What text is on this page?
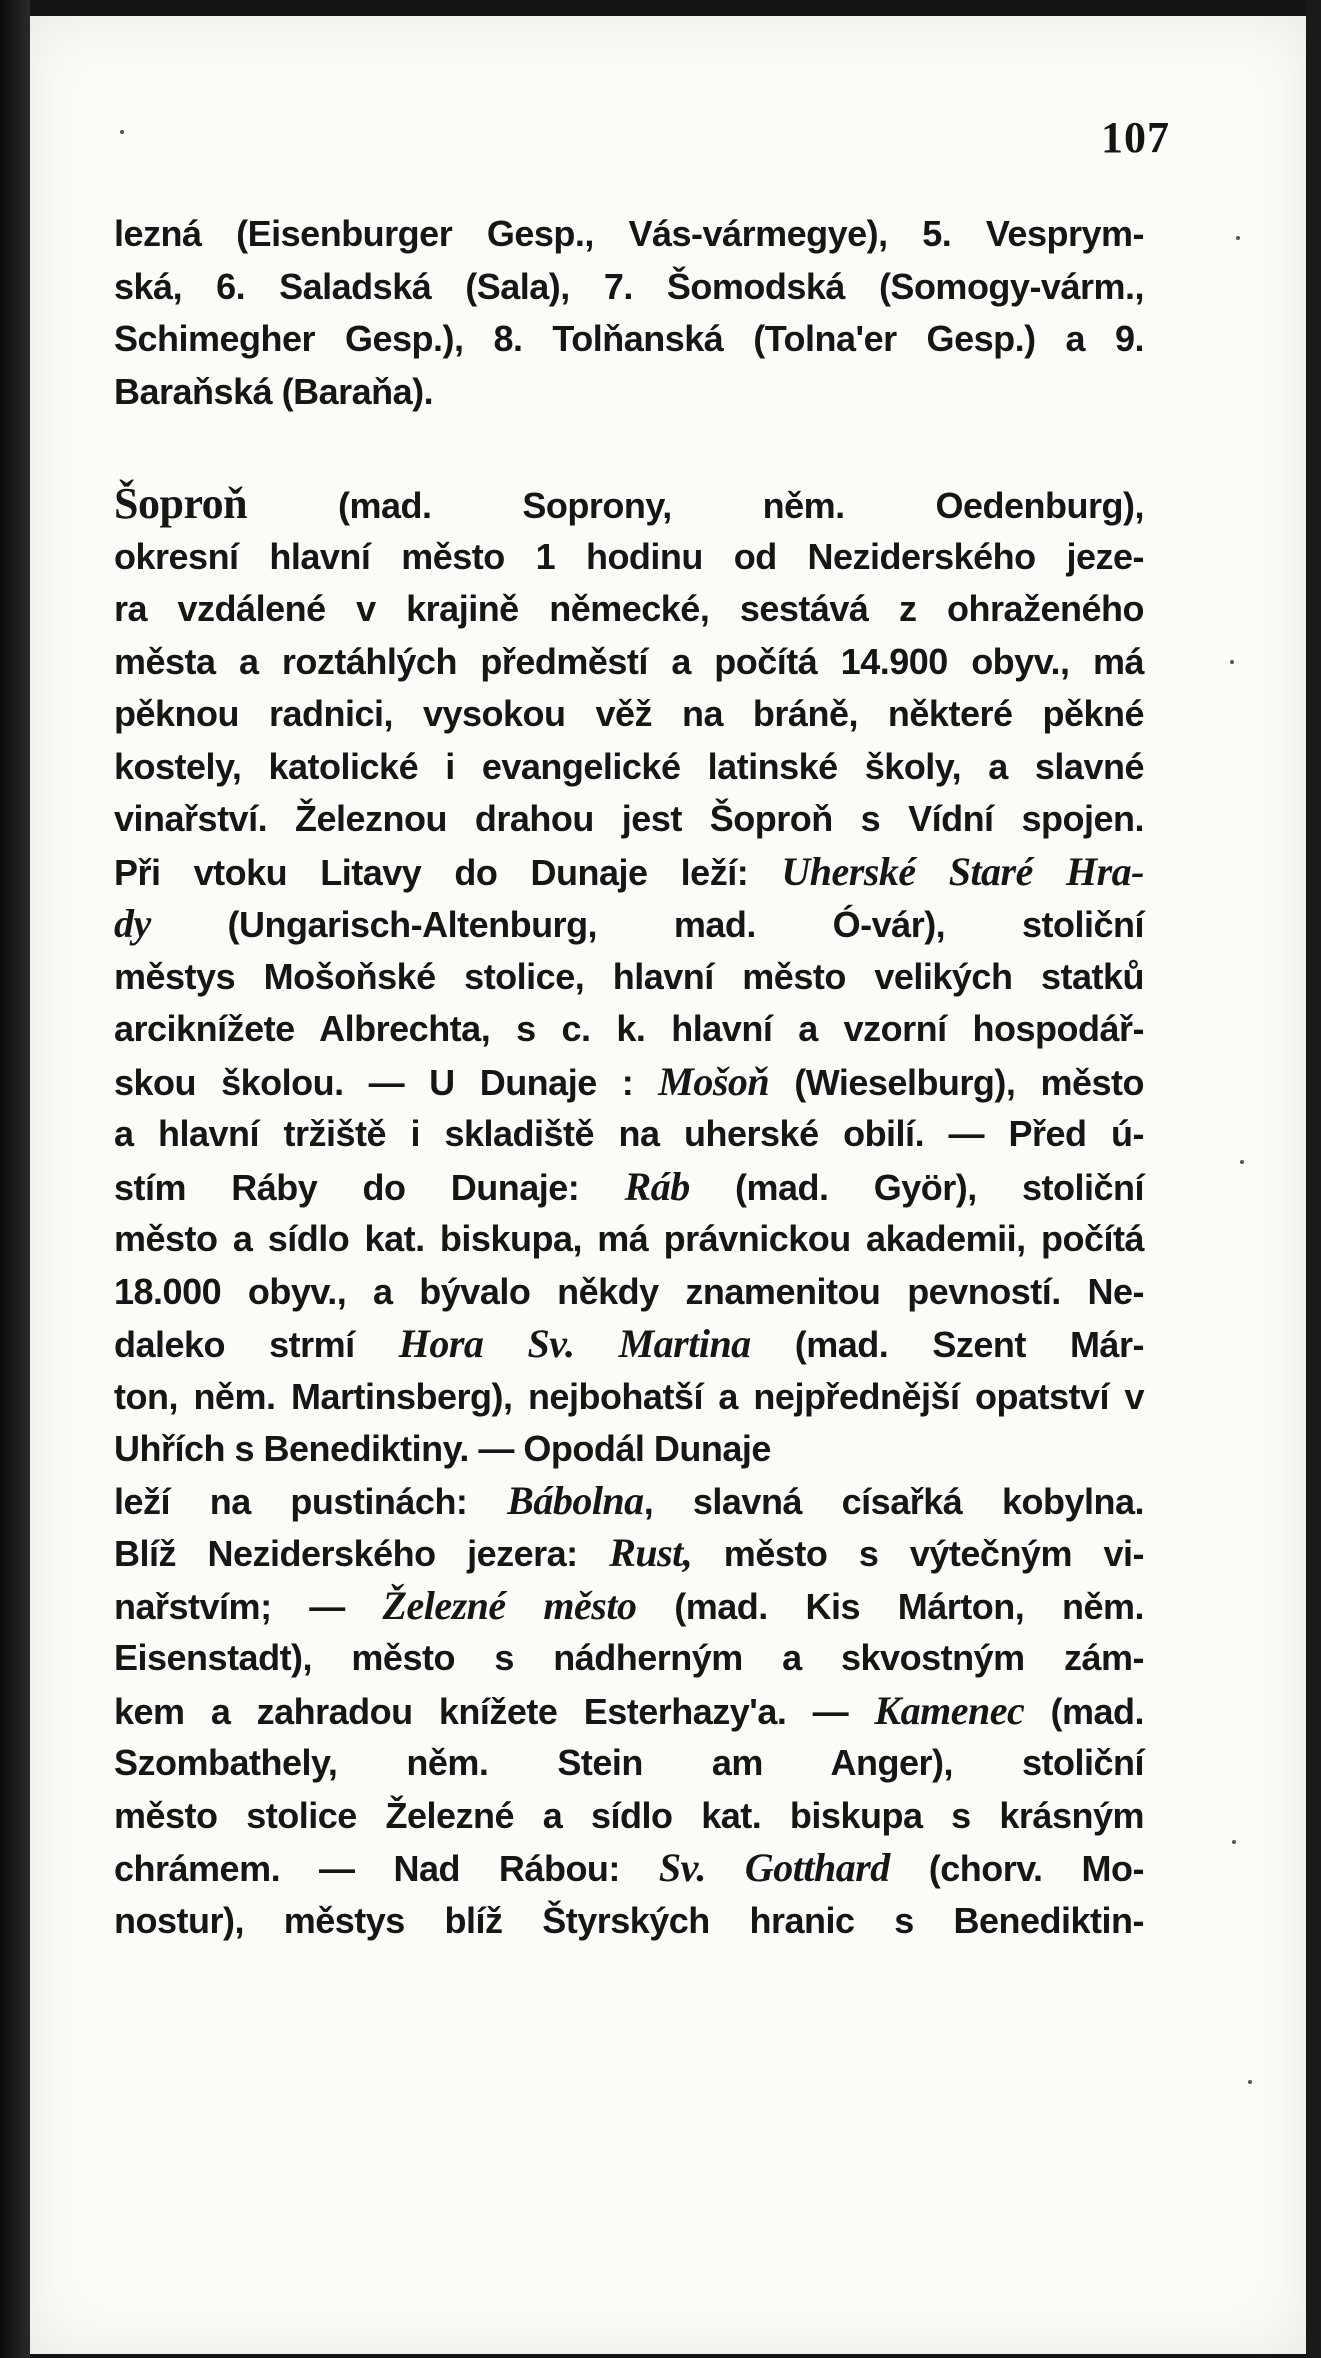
107
lezná (Eisenburger Gesp., Vás-vármegye), 5. Vesprym-
ská, 6. Saladská (Sala), 7. Šomodská (Somogy-várm.,
Schimegher Gesp.), 8. Tolňanská (Tolna'er Gesp.) a 9.
Baraňská (Baraňa).
Šoproň (mad. Soprony, něm. Oedenburg),
okresní hlavní město 1 hodinu od Neziderského jeze-
ra vzdálené v krajině německé, sestává z ohraženého
města a roztáhlých předměstí a počítá 14.900 obyv., má
pěknou radnici, vysokou věž na bráně, některé pěkné
kostely, katolické i evangelické latinské školy, a slavné
vinařství. Železnou drahou jest Šoproň s Vídní spojen.
Při vtoku Litavy do Dunaje leží: Uherské Staré Hra-
dy (Ungarisch-Altenburg, mad. Ó-vár), stoliční
městys Mošoňské stolice, hlavní město velikých statků
arciknížete Albrechta, s c. k. hlavní a vzorní hospodář-
skou školou. — U Dunaje : Mošoň (Wieselburg), město
a hlavní tržiště i skladiště na uherské obilí. — Před ú-
stím Ráby do Dunaje: Ráb (mad. Györ), stoliční
město a sídlo kat. biskupa, má právnickou akademii, počítá
18.000 obyv., a bývalo někdy znamenitou pevností. Ne-
daleko strmí Hora Sv. Martina (mad. Szent Már-
ton, něm. Martinsberg), nejbohatší a nejpřednější opatství v Uhřích s Benediktiny. — Opodál Dunaje
leží na pustinách: Bábolna, slavná císařká kobylna.
Blíž Neziderského jezera: Rust, město s výtečným vi-
nařstvím; — Železné město (mad. Kis Márton, něm.
Eisenstadt), město s nádherným a skvostným zám-
kem a zahradou knížete Esterhazy'a. — Kamenec (mad.
Szombathely, něm. Stein am Anger), stoliční
město stolice Železné a sídlo kat. biskupa s krásným
chrámem. — Nad Rábou: Sv. Gotthard (chorv. Mo-
nostur), městys blíž Štyrských hranic s Benediktin-
